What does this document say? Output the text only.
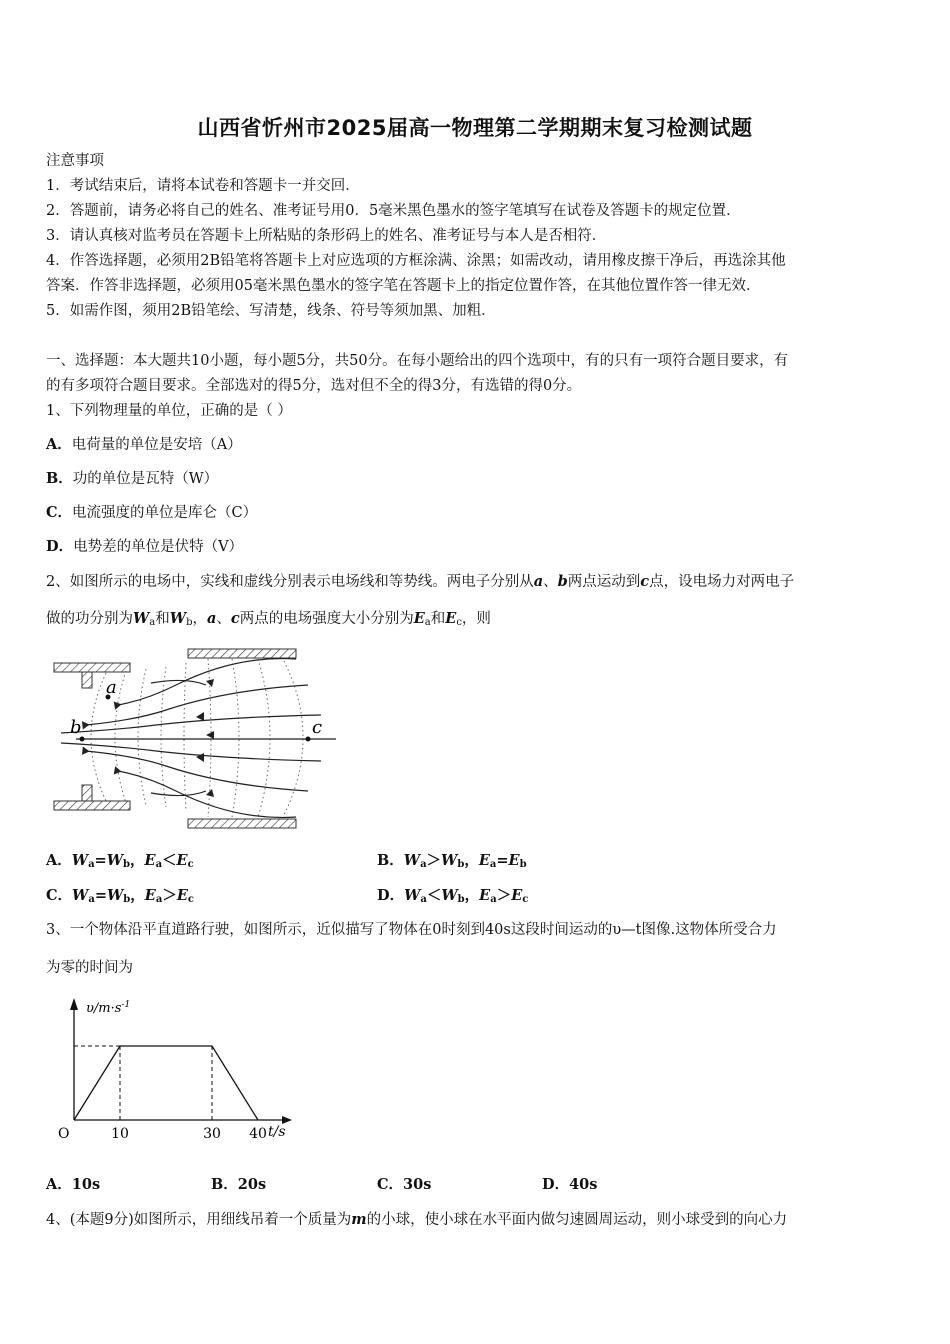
山西省忻州市2025届高一物理第二学期期末复习检测试题
注意事项
1．考试结束后，请将本试卷和答题卡一并交回．
2．答题前，请务必将自己的姓名、准考证号用0．5毫米黑色墨水的签字笔填写在试卷及答题卡的规定位置．
3．请认真核对监考员在答题卡上所粘贴的条形码上的姓名、准考证号与本人是否相符．
4．作答选择题，必须用2B铅笔将答题卡上对应选项的方框涂满、涂黑；如需改动，请用橡皮擦干净后，再选涂其他
答案．作答非选择题，必须用05毫米黑色墨水的签字笔在答题卡上的指定位置作答，在其他位置作答一律无效．
5．如需作图，须用2B铅笔绘、写清楚，线条、符号等须加黑、加粗．
一、选择题：本大题共10小题，每小题5分，共50分。在每小题给出的四个选项中，有的只有一项符合题目要求，有
的有多项符合题目要求。全部选对的得5分，选对但不全的得3分，有选错的得0分。
1、下列物理量的单位，正确的是（ ）
A．电荷量的单位是安培（A）
B．功的单位是瓦特（W）
C．电流强度的单位是库仑（C）
D．电势差的单位是伏特（V）
2、如图所示的电场中，实线和虚线分别表示电场线和等势线。两电子分别从a、b两点运动到c点，设电场力对两电子
做的功分别为$W_a$和$W_b$，a、c两点的电场强度大小分别为$E_a$和$E_c$，则
a
b	c
A．$W_a=W_b$，$E_a<E_c$	B．$W_a>W_b$，$E_a=E_b$
C．$W_a=W_b$，$E_a>E_c$	D．$W_a<W_b$，$E_a>E_c$
3、一个物体沿平直道路行驶，如图所示，近似描写了物体在0时刻到40s这段时间运动的υ—t图像.这物体所受合力
为零的时间为
$\upsilon/m\cdot s^{-1}$
O	10	30 40 t/s
A．10s	B．20s	C．30s	D．40s
4、(本题9分)如图所示，用细线吊着一个质量为m的小球，使小球在水平面内做匀速圆周运动，则小球受到的向心力
